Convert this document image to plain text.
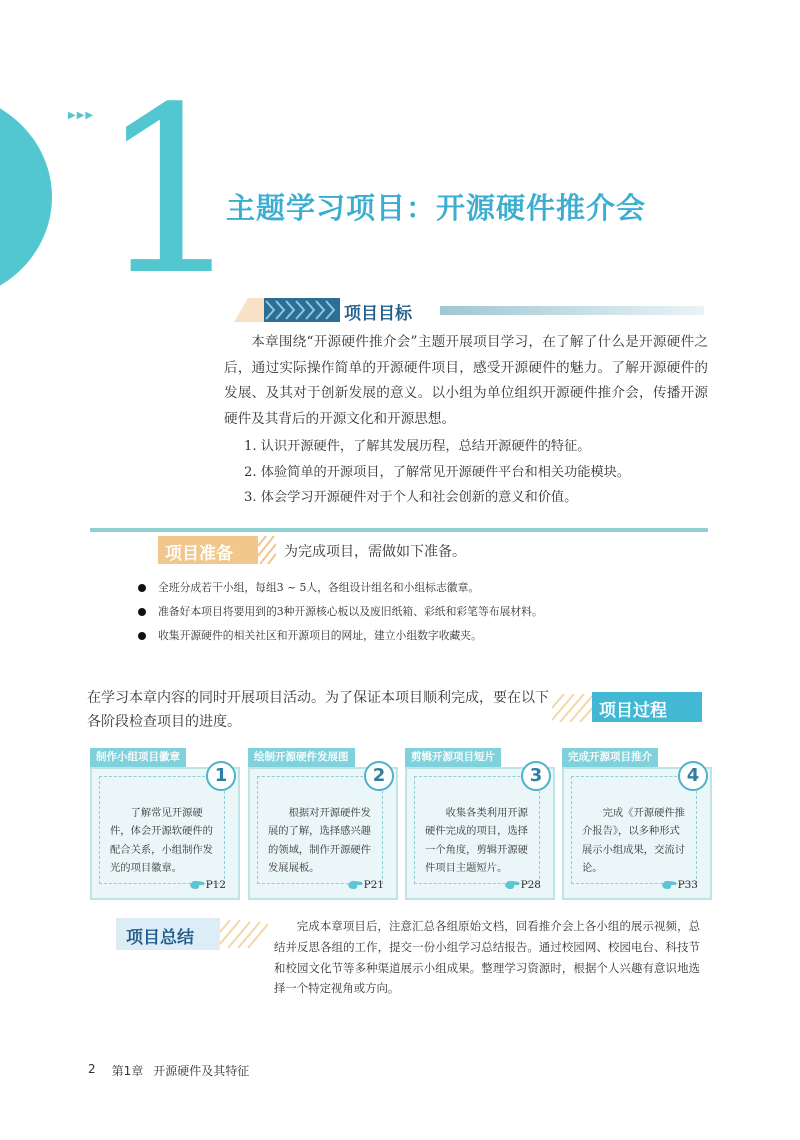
▶▶▶ 1
主题学习项目：开源硬件推介会
项目目标

本章围绕“开源硬件推介会”主题开展项目学习，在了解了什么是开源硬件之后，通过实际操作简单的开源硬件项目，感受开源硬件的魅力。了解开源硬件的发展、及其对于创新发展的意义。以小组为单位组织开源硬件推介会，传播开源硬件及其背后的开源文化和开源思想。

1. 认识开源硬件，了解其发展历程，总结开源硬件的特征。
2. 体验简单的开源项目，了解常见开源硬件平台和相关功能模块。
3. 体会学习开源硬件对于个人和社会创新的意义和价值。
项目准备	为完成项目，需做如下准备。
全班分成若干小组，每组3 ~ 5人，各组设计组名和小组标志徽章。
准备好本项目将要用到的3种开源核心板以及废旧纸箱、彩纸和彩笔等布展材料。
收集开源硬件的相关社区和开源项目的网址，建立小组数字收藏夹。
在学习本章内容的同时开展项目活动。为了保证本项目顺利完成，要在以下各阶段检查项目的进度。
项目过程
制作小组项目徽章
1
了解常见开源硬件，体会开源软硬件的配合关系，小组制作发光的项目徽章。
P12
绘制开源硬件发展图
2
根据对开源硬件发展的了解，选择感兴趣的领域，制作开源硬件发展展板。
P21
剪辑开源项目短片
3
收集各类利用开源硬件完成的项目，选择一个角度，剪辑开源硬件项目主题短片。
P28
完成开源项目推介
4
完成《开源硬件推介报告》，以多种形式展示小组成果，交流讨论。
P33
项目总结

完成本章项目后，注意汇总各组原始文档，回看推介会上各小组的展示视频，总结并反思各组的工作，提交一份小组学习总结报告。通过校园网、校园电台、科技节和校园文化节等多种渠道展示小组成果。整理学习资源时，根据个人兴趣有意识地选择一个特定视角或方向。

2 第1章 开源硬件及其特征
